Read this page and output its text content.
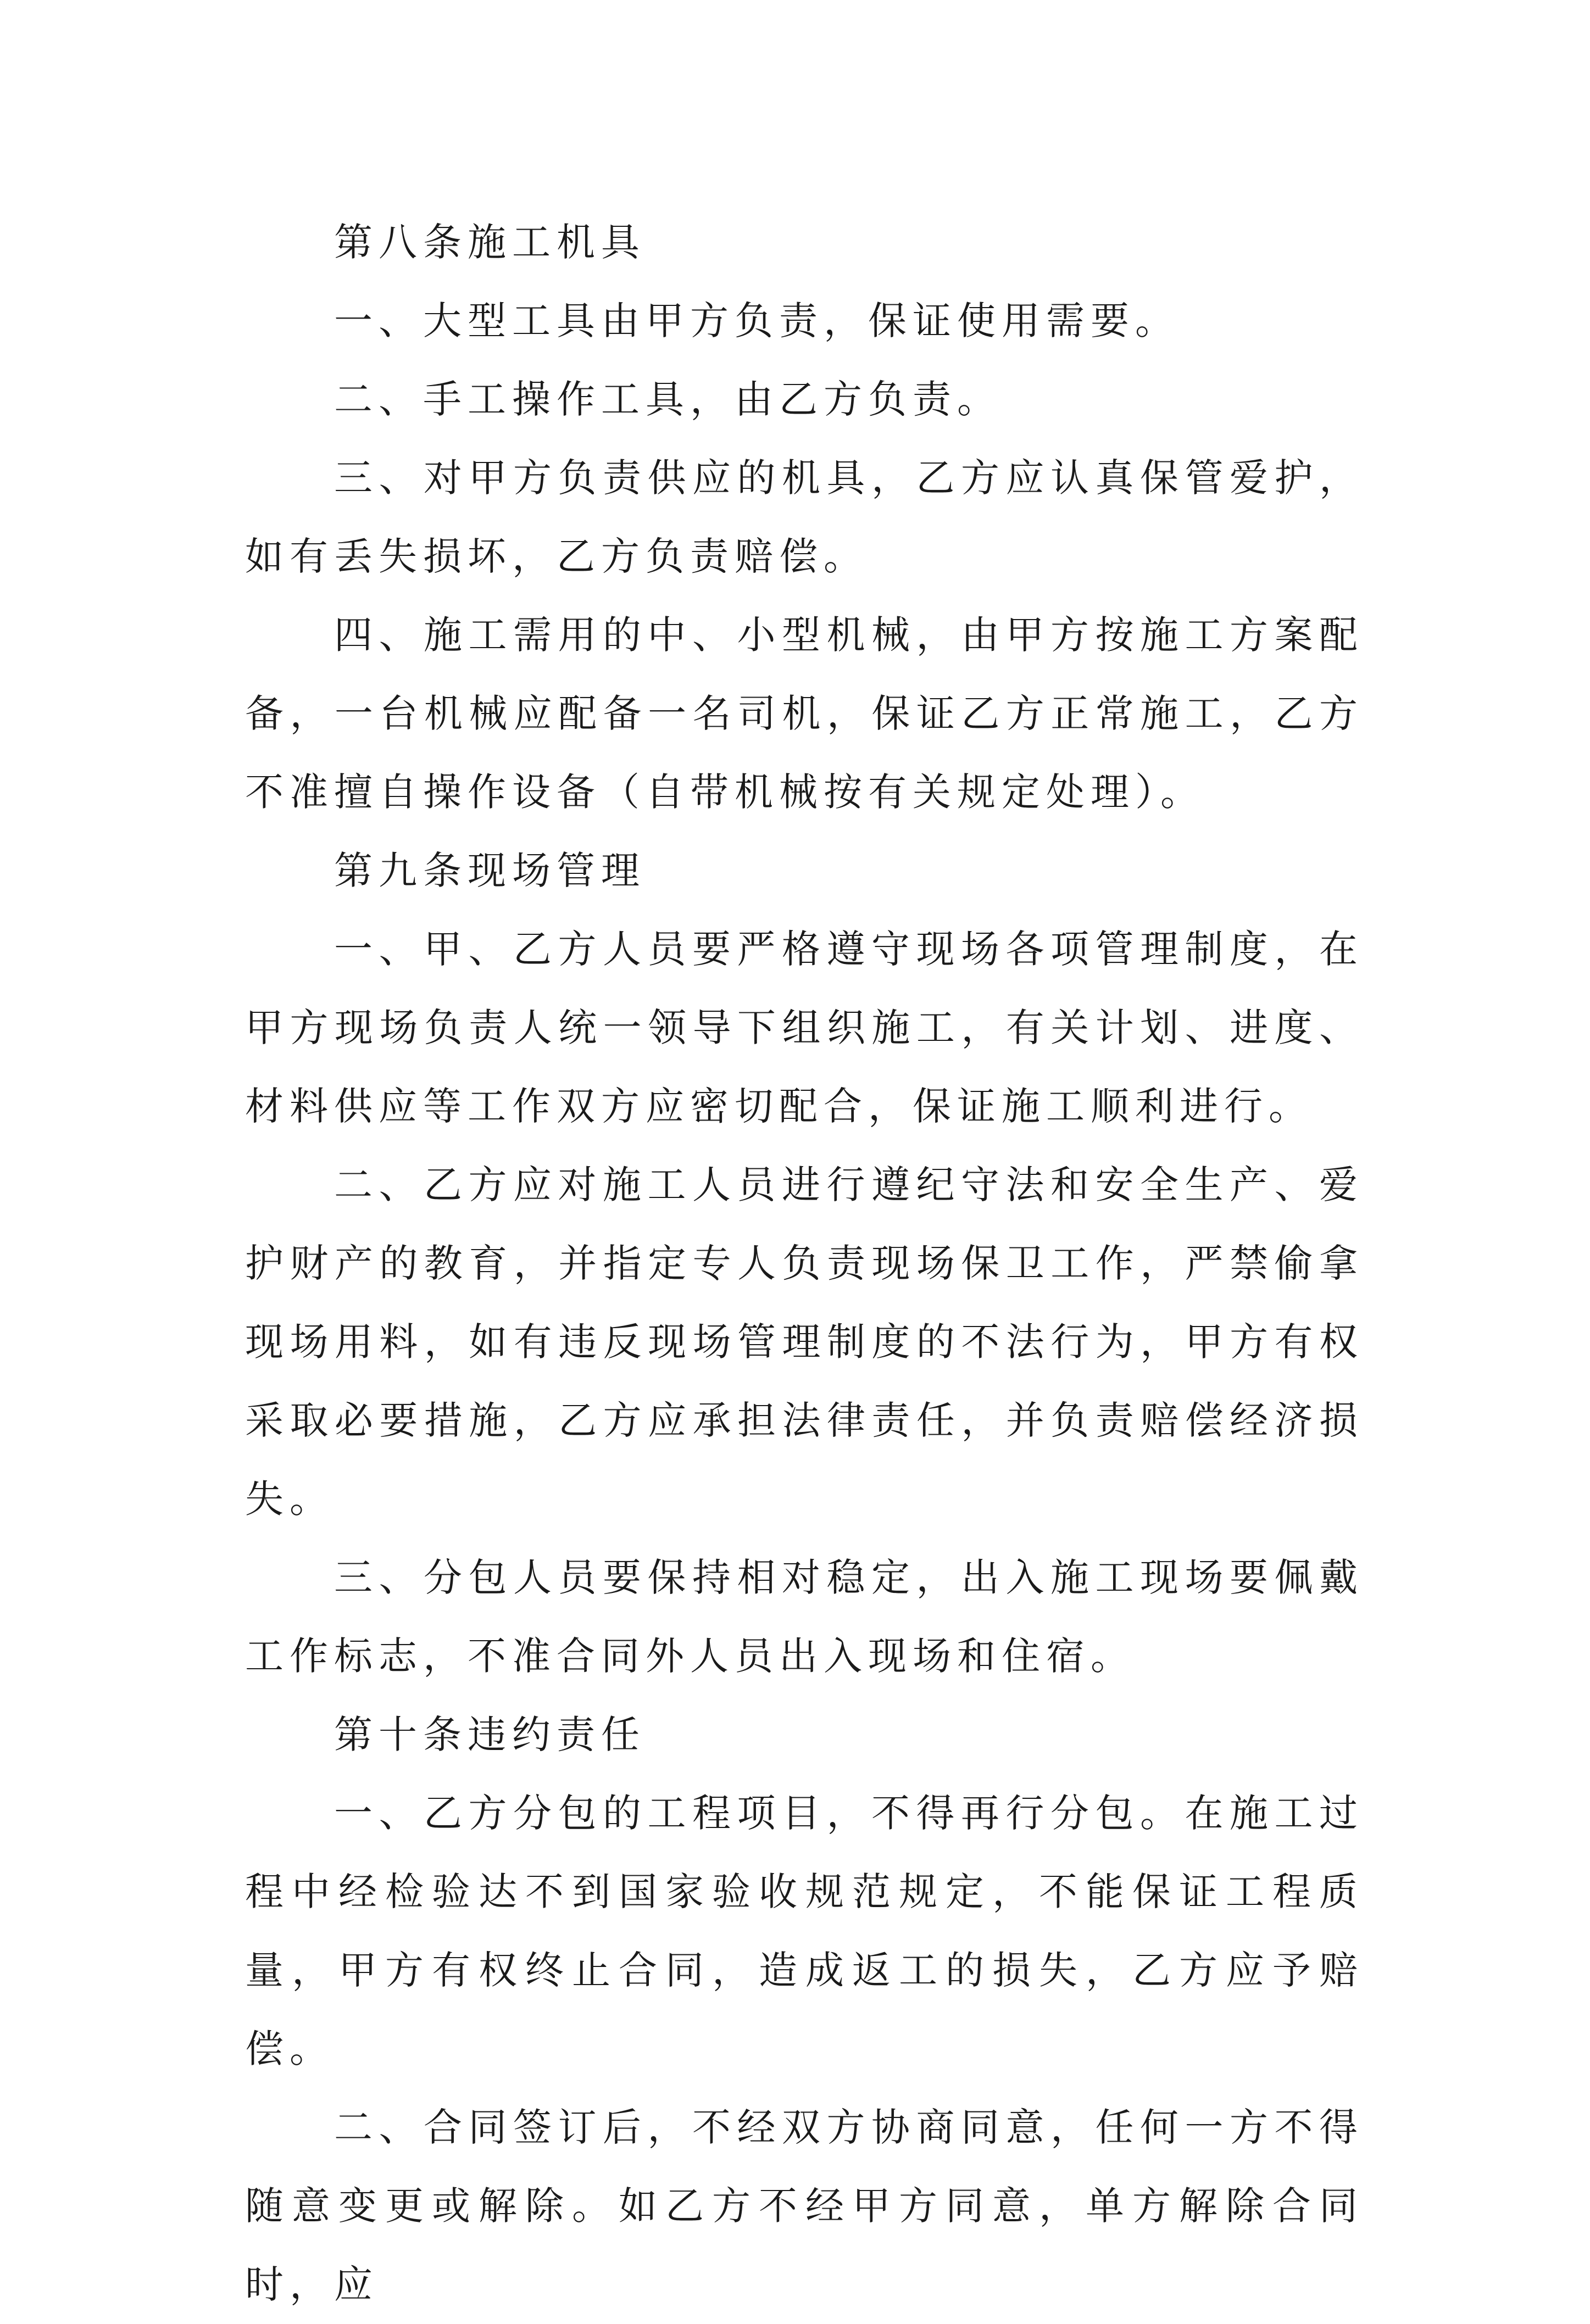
第八条施工机具

一、大型工具由甲方负责，保证使用需要。

二、手工操作工具，由乙方负责。

三、对甲方负责供应的机具，乙方应认真保管爱护，如有丢失损坏，乙方负责赔偿。

四、施工需用的中、小型机械，由甲方按施工方案配备，一台机械应配备一名司机，保证乙方正常施工，乙方不准擅自操作设备（自带机械按有关规定处理）。

第九条现场管理

一、甲、乙方人员要严格遵守现场各项管理制度，在甲方现场负责人统一领导下组织施工，有关计划、进度、材料供应等工作双方应密切配合，保证施工顺利进行。

二、乙方应对施工人员进行遵纪守法和安全生产、爱护财产的教育，并指定专人负责现场保卫工作，严禁偷拿现场用料，如有违反现场管理制度的不法行为，甲方有权采取必要措施，乙方应承担法律责任，并负责赔偿经济损失。

三、分包人员要保持相对稳定，出入施工现场要佩戴工作标志，不准合同外人员出入现场和住宿。

第十条违约责任

一、乙方分包的工程项目，不得再行分包。在施工过程中经检验达不到国家验收规范规定，不能保证工程质量，甲方有权终止合同，造成返工的损失，乙方应予赔偿。

二、合同签订后，不经双方协商同意，任何一方不得随意变更或解除。如乙方不经甲方同意，单方解除合同时，应
